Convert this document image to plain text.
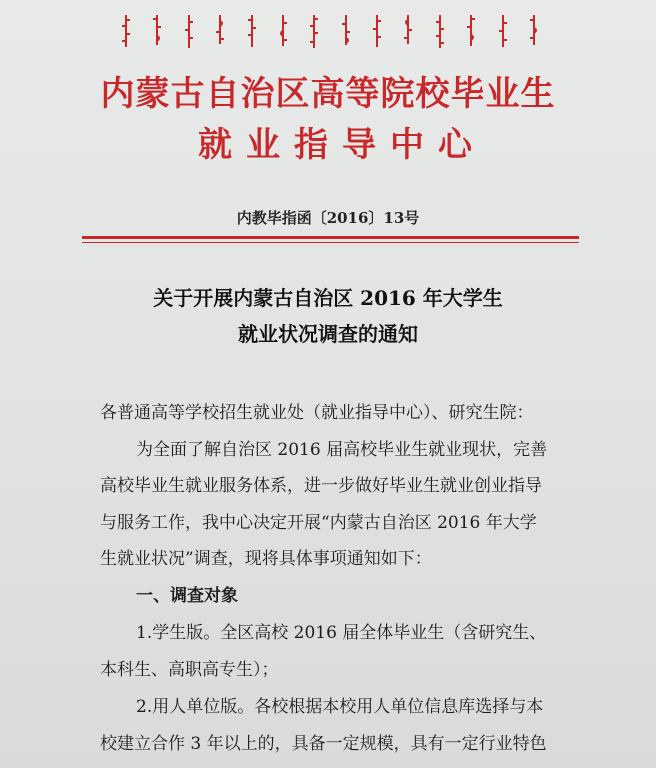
内蒙古自治区高等院校毕业生
就业指导中心
内教毕指函〔2016〕13号
关于开展内蒙古自治区 2016 年大学生
就业状况调查的通知
各普通高等学校招生就业处（就业指导中心）、研究生院：
为全面了解自治区 2016 届高校毕业生就业现状，完善
高校毕业生就业服务体系，进一步做好毕业生就业创业指导
与服务工作，我中心决定开展“内蒙古自治区 2016 年大学
生就业状况”调查，现将具体事项通知如下：
一、调查对象
1.学生版。全区高校 2016 届全体毕业生（含研究生、
本科生、高职高专生）；
2.用人单位版。各校根据本校用人单位信息库选择与本
校建立合作 3 年以上的，具备一定规模，具有一定行业特色
